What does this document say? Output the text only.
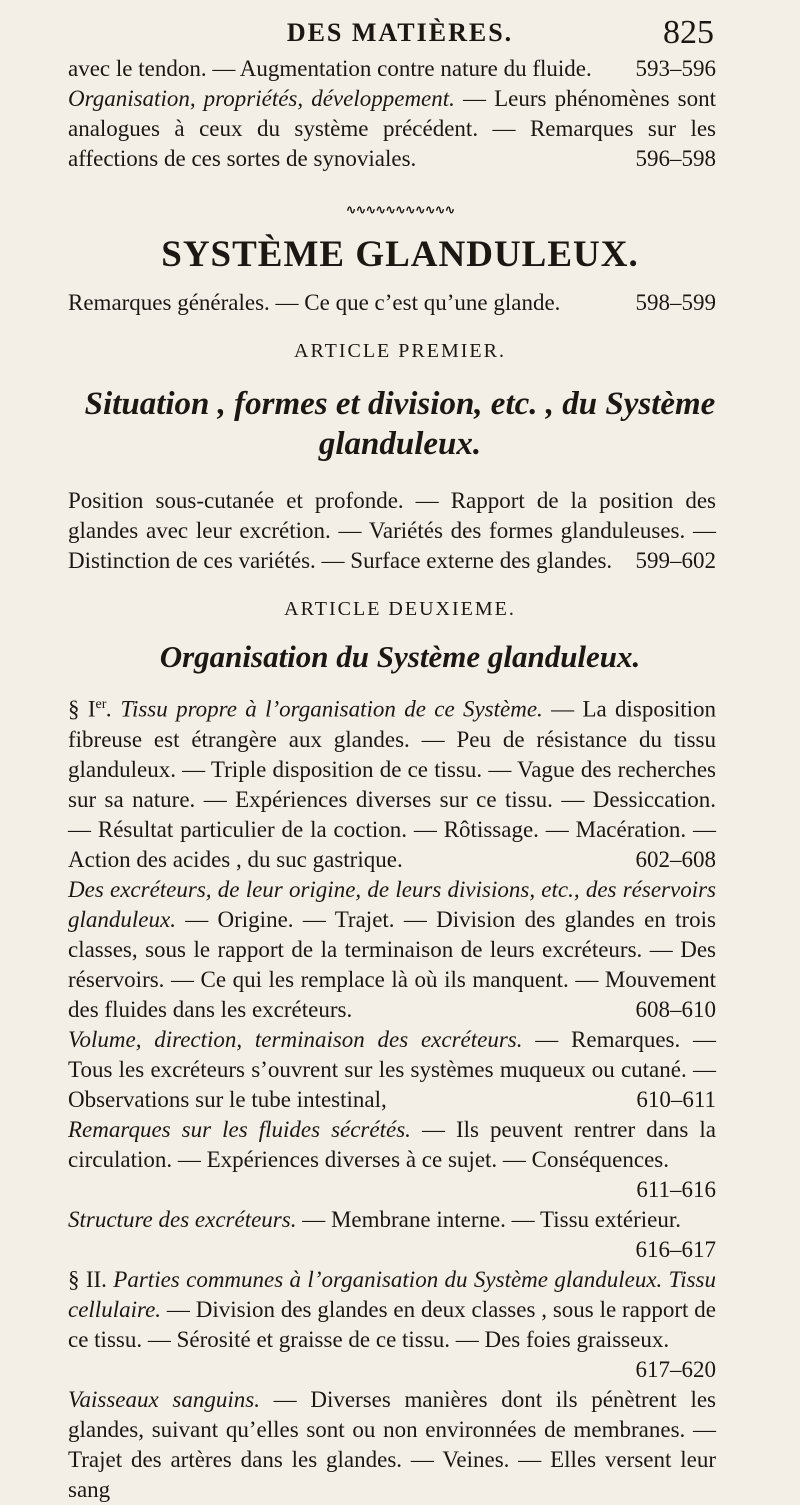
DES MATIÈRES.	825
avec le tendon. — Augmentation contre nature du fluide.	593–596
Organisation, propriétés, développement. — Leurs phénomènes sont analogues à ceux du système précédent. — Remarques sur les affections de ces sortes de synoviales.	596–598
∿∿∿∿∿∿∿∿∿∿∿
SYSTÈME GLANDULEUX.
Remarques générales. — Ce que c’est qu’une glande.	598–599
ARTICLE PREMIER.
Situation , formes et division, etc. , du Système glanduleux.
Position sous-cutanée et profonde. — Rapport de la position des glandes avec leur excrétion. — Variétés des formes glanduleuses. — Distinction de ces variétés. — Surface externe des glandes.	599–602
ARTICLE DEUXIEME.
Organisation du Système glanduleux.
§ Ier. Tissu propre à l’organisation de ce Système. — La disposition fibreuse est étrangère aux glandes. — Peu de résistance du tissu glanduleux. — Triple disposition de ce tissu. — Vague des recherches sur sa nature. — Expériences diverses sur ce tissu. — Dessiccation. — Résultat particulier de la coction. — Rôtissage. — Macération. — Action des acides , du suc gastrique.	602–608
Des excréteurs, de leur origine, de leurs divisions, etc., des réservoirs glanduleux. — Origine. — Trajet. — Division des glandes en trois classes, sous le rapport de la terminaison de leurs excréteurs. — Des réservoirs. — Ce qui les remplace là où ils manquent. — Mouvement des fluides dans les excréteurs.	608–610
Volume, direction, terminaison des excréteurs. — Remarques. — Tous les excréteurs s’ouvrent sur les systèmes muqueux ou cutané. — Observations sur le tube intestinal,	610–611
Remarques sur les fluides sécrétés. — Ils peuvent rentrer dans la circulation. — Expériences diverses à ce sujet. — Conséquences.
611–616
Structure des excréteurs. — Membrane interne. — Tissu extérieur.
616–617
§ II. Parties communes à l’organisation du Système glanduleux. Tissu cellulaire. — Division des glandes en deux classes , sous le rapport de ce tissu. — Sérosité et graisse de ce tissu. — Des foies graisseux.
617–620
Vaisseaux sanguins. — Diverses manières dont ils pénètrent les glandes, suivant qu’elles sont ou non environnées de membranes. — Trajet des artères dans les glandes. — Veines. — Elles versent leur sang
